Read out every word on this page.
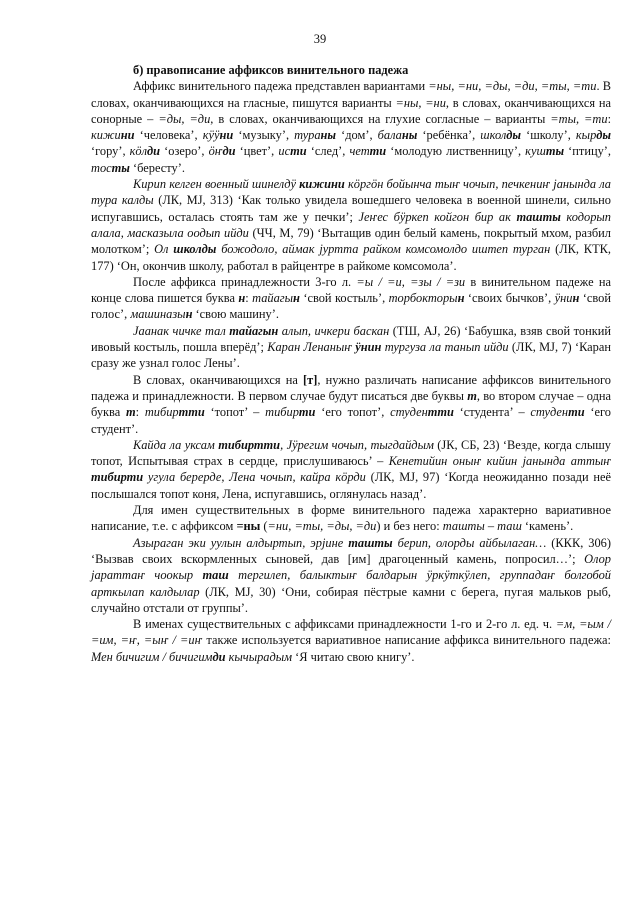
39

б) правописание аффиксов винительного падежа

Аффикс винительного падежа представлен вариантами =ны, =ни, =ды, =ди, =ты, =ти. В словах, оканчивающихся на гласные, пишутся варианты =ны, =ни, в словах, оканчивающихся на сонорные – =ды, =ди, в словах, оканчивающихся на глухие согласные – варианты =ты, =ти: кижини ‘человека’, кӱӱни ‘музыку’, тураны ‘дом’, баланы ‘ребёнка’, школды ‘школу’, кырды ‘гору’, кӧлди ‘озеро’, ӧҥди ‘цвет’, исти ‘след’, четти ‘молодую лиственницу’, кушты ‘птицу’, тосты ‘бересту’.

Кирип келген военный шинелдӱ кижини кӧргӧн бойынча тыҥ чочып, печкениҥ јанында ла тура калды (ЛК, МЈ, 313) ‘Как только увидела вошедшего человека в военной шинели, сильно испугавшись, осталась стоять там же у печки’; Јеҥес бӱркеп койгон бир ак ташты кодорып алала, масказыла оодып ийди (ЧЧ, М, 79) ‘Вытащив один белый камень, покрытый мхом, разбил молотком’; Ол школды божодоло, аймак јуртта райком комсомолдо иштеп турган (ЛК, КТК, 177) ‘Он, окончив школу, работал в райцентре в райкоме комсомола’.

После аффикса принадлежности 3-го л. =ы / =и, =зы / =зи в винительном падеже на конце слова пишется буква н: тайагын ‘свой костыль’, торбокторын ‘своих бычков’, ӱнин ‘свой голос’, машиназын ‘свою машину’.

Јаанак чичке тал тайагын алып, ичкери баскан (ТШ, АЈ, 26) ‘Бабушка, взяв свой тонкий ивовый костыль, пошла вперёд’; Каран Ленаныҥ ӱнин тургуза ла танып ийди (ЛК, МЈ, 7) ‘Каран сразу же узнал голос Лены’.

В словах, оканчивающихся на [т], нужно различать написание аффиксов винительного падежа и принадлежности. В первом случае будут писаться две буквы т, во втором случае – одна буква т: тибиртти ‘топот’ – тибирти ‘его топот’, студентти ‘студента’ – студенти ‘его студент’.

Кайда ла уксам тибиртти, Јӱрегим чочып, тыгдайдым (ЈК, СБ, 23) ‘Везде, когда слышу топот, Испытывая страх в сердце, прислушиваюсь’ – Кенетийин оныҥ кийин јанында аттыҥ тибирти угула берерде, Лена чочып, кайра кӧрди (ЛК, МЈ, 97) ‘Когда неожиданно позади неё послышался топот коня, Лена, испугавшись, оглянулась назад’.

Для имен существительных в форме винительного падежа характерно вариативное написание, т.е. с аффиксом =ны (=ни, =ты, =ды, =ди) и без него: ташты – таш ‘камень’.

Азыраган эки уулын алдыртып, эрјине ташты берип, олорды айбылаган… (ККК, 306) ‘Вызвав своих вскормленных сыновей, дав [им] драгоценный камень, попросил…’; Олор јараттаҥ чоокыр таш тергилеп, балыктыҥ балдарын ӱркӱткӱлеп, группадаҥ болгобой арткылап калдылар (ЛК, МЈ, 30) ‘Они, собирая пёстрые камни с берега, пугая мальков рыб, случайно отстали от группы’.

В именах существительных с аффиксами принадлежности 1-го и 2-го л. ед. ч. =м, =ым / =им, =ҥ, =ыҥ / =иҥ также используется вариативное написание аффикса винительного падежа: Мен бичигим / бичигимди кычырадым ‘Я читаю свою книгу’.
